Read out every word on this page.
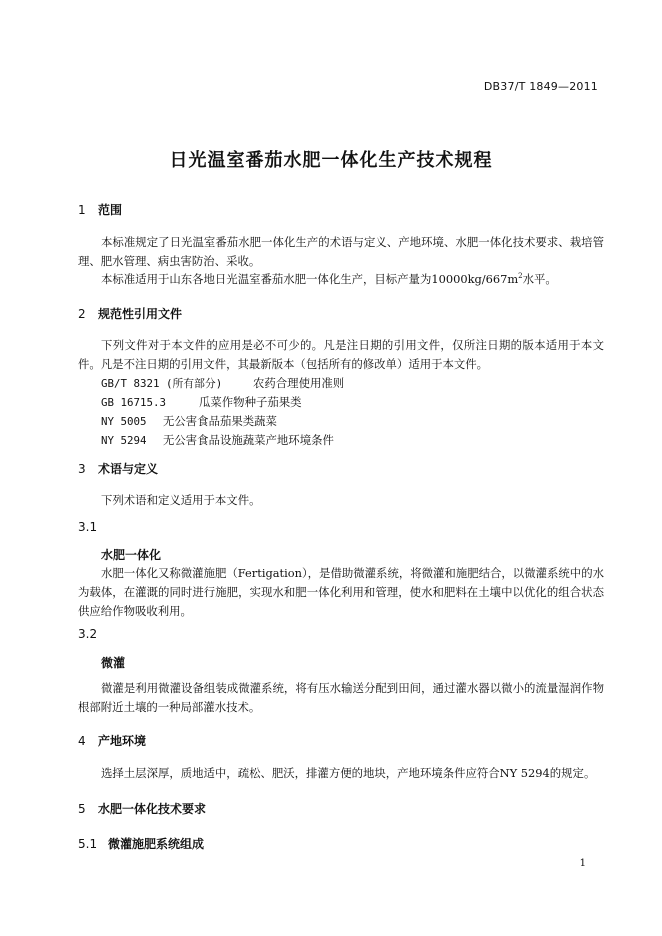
DB37/T 1849—2011
日光温室番茄水肥一体化生产技术规程
1 范围
本标准规定了日光温室番茄水肥一体化生产的术语与定义、产地环境、水肥一体化技术要求、栽培管理、肥水管理、病虫害防治、采收。
本标准适用于山东各地日光温室番茄水肥一体化生产，目标产量为$10000kg/667m^2$水平。
2 规范性引用文件
下列文件对于本文件的应用是必不可少的。凡是注日期的引用文件，仅所注日期的版本适用于本文件。凡是不注日期的引用文件，其最新版本（包括所有的修改单）适用于本文件。
GB/T 8321 (所有部分)	农药合理使用准则
GB 16715.3	瓜菜作物种子茄果类
NY 5005 无公害食品茄果类蔬菜
NY 5294 无公害食品设施蔬菜产地环境条件
3 术语与定义
下列术语和定义适用于本文件。
3.1
水肥一体化
水肥一体化又称微灌施肥（Fertigation），是借助微灌系统，将微灌和施肥结合，以微灌系统中的水为载体，在灌溉的同时进行施肥，实现水和肥一体化利用和管理，使水和肥料在土壤中以优化的组合状态供应给作物吸收利用。
3.2
微灌
微灌是利用微灌设备组装成微灌系统，将有压水输送分配到田间，通过灌水器以微小的流量湿润作物根部附近土壤的一种局部灌水技术。
4 产地环境
选择土层深厚，质地适中，疏松、肥沃，排灌方便的地块，产地环境条件应符合NY 5294的规定。
5 水肥一体化技术要求
5.1 微灌施肥系统组成
1
